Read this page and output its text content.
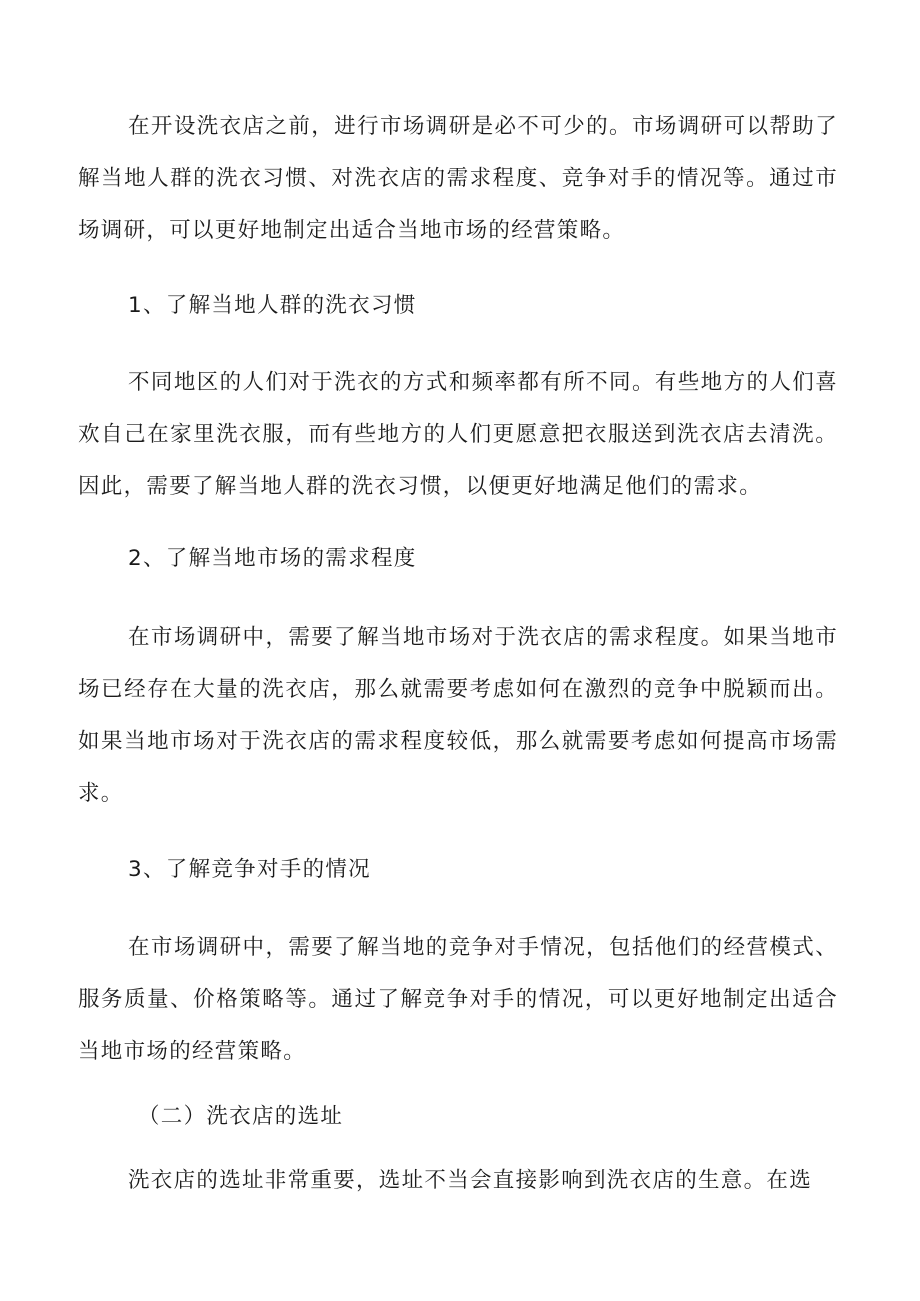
在开设洗衣店之前，进行市场调研是必不可少的。市场调研可以帮助了解当地人群的洗衣习惯、对洗衣店的需求程度、竞争对手的情况等。通过市场调研，可以更好地制定出适合当地市场的经营策略。

1、了解当地人群的洗衣习惯

不同地区的人们对于洗衣的方式和频率都有所不同。有些地方的人们喜欢自己在家里洗衣服，而有些地方的人们更愿意把衣服送到洗衣店去清洗。因此，需要了解当地人群的洗衣习惯，以便更好地满足他们的需求。

2、了解当地市场的需求程度

在市场调研中，需要了解当地市场对于洗衣店的需求程度。如果当地市场已经存在大量的洗衣店，那么就需要考虑如何在激烈的竞争中脱颖而出。如果当地市场对于洗衣店的需求程度较低，那么就需要考虑如何提高市场需求。

3、了解竞争对手的情况

在市场调研中，需要了解当地的竞争对手情况，包括他们的经营模式、服务质量、价格策略等。通过了解竞争对手的情况，可以更好地制定出适合当地市场的经营策略。

（二）洗衣店的选址

洗衣店的选址非常重要，选址不当会直接影响到洗衣店的生意。在选
